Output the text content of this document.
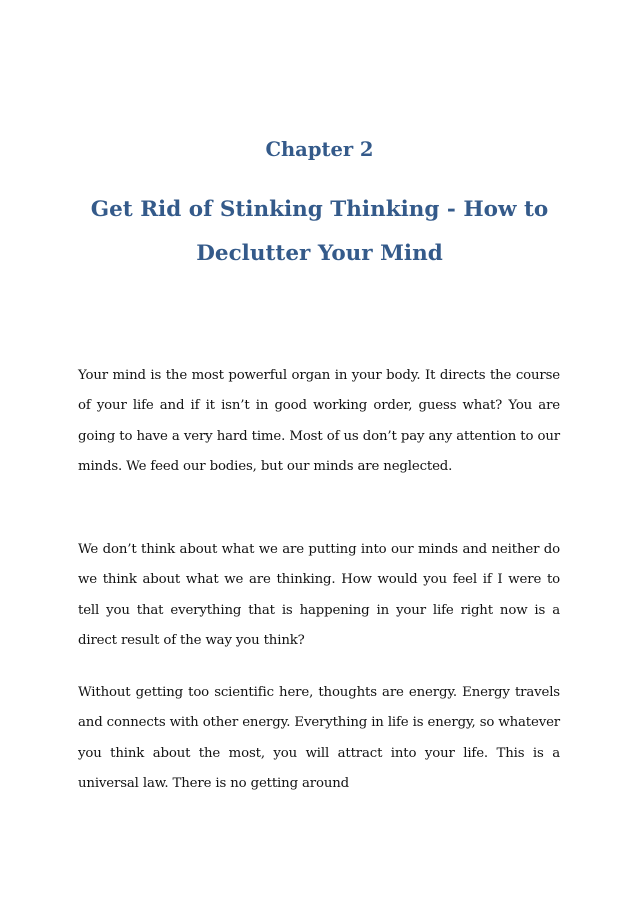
Chapter 2
Get Rid of Stinking Thinking - How to Declutter Your Mind

Your mind is the most powerful organ in your body. It directs the course of your life and if it isn’t in good working order, guess what? You are going to have a very hard time. Most of us don’t pay any attention to our minds. We feed our bodies, but our minds are neglected.

We don’t think about what we are putting into our minds and neither do we think about what we are thinking. How would you feel if I were to tell you that everything that is happening in your life right now is a direct result of the way you think?

Without getting too scientific here, thoughts are energy. Energy travels and connects with other energy. Everything in life is energy, so whatever you think about the most, you will attract into your life. This is a universal law. There is no getting around
